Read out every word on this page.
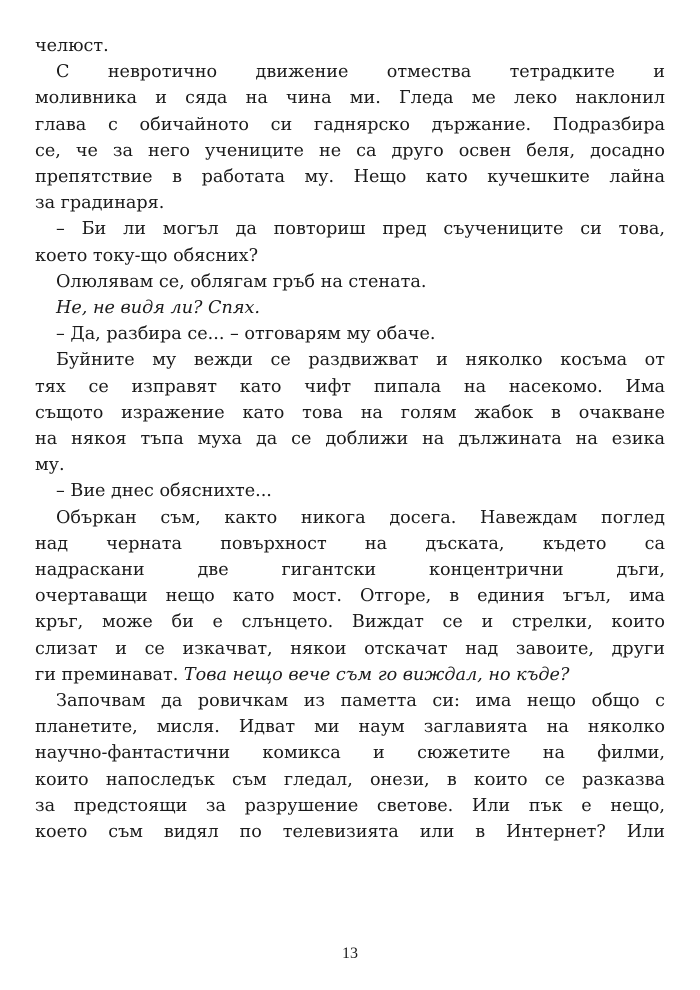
челюст.
С невротично движение отмества тетрадките и
моливника и сяда на чина ми. Гледа ме леко наклонил
глава с обичайното си гаднярско държание. Подразбира
се, че за него учениците не са друго освен беля, досадно
препятствие в работата му. Нещо като кучешките лайна
за градинаря.
– Би ли могъл да повториш пред съучениците си това,
което току-що обясних?
Олюлявам се, облягам гръб на стената.
Не, не видя ли? Спях.
– Да, разбира се... – отговарям му обаче.
Буйните му вежди се раздвижват и няколко косъма от
тях се изправят като чифт пипала на насекомо. Има
същото изражение като това на голям жабок в очакване
на някоя тъпа муха да се доближи на дължината на езика
му.
– Вие днес обяснихте...
Объркан съм, както никога досега. Навеждам поглед
над черната повърхност на дъската, където са
надраскани две гигантски концентрични дъги,
очертаващи нещо като мост. Отгоре, в единия ъгъл, има
кръг, може би е слънцето. Виждат се и стрелки, които
слизат и се изкачват, някои отскачат над завоите, други
ги преминават. Това нещо вече съм го виждал, но къде?
Започвам да ровичкам из паметта си: има нещо общо с
планетите, мисля. Идват ми наум заглавията на няколко
научно-фантастични комикса и сюжетите на филми,
които напоследък съм гледал, онези, в които се разказва
за предстоящи за разрушение светове. Или пък е нещо,
което съм видял по телевизията или в Интернет? Или
13
